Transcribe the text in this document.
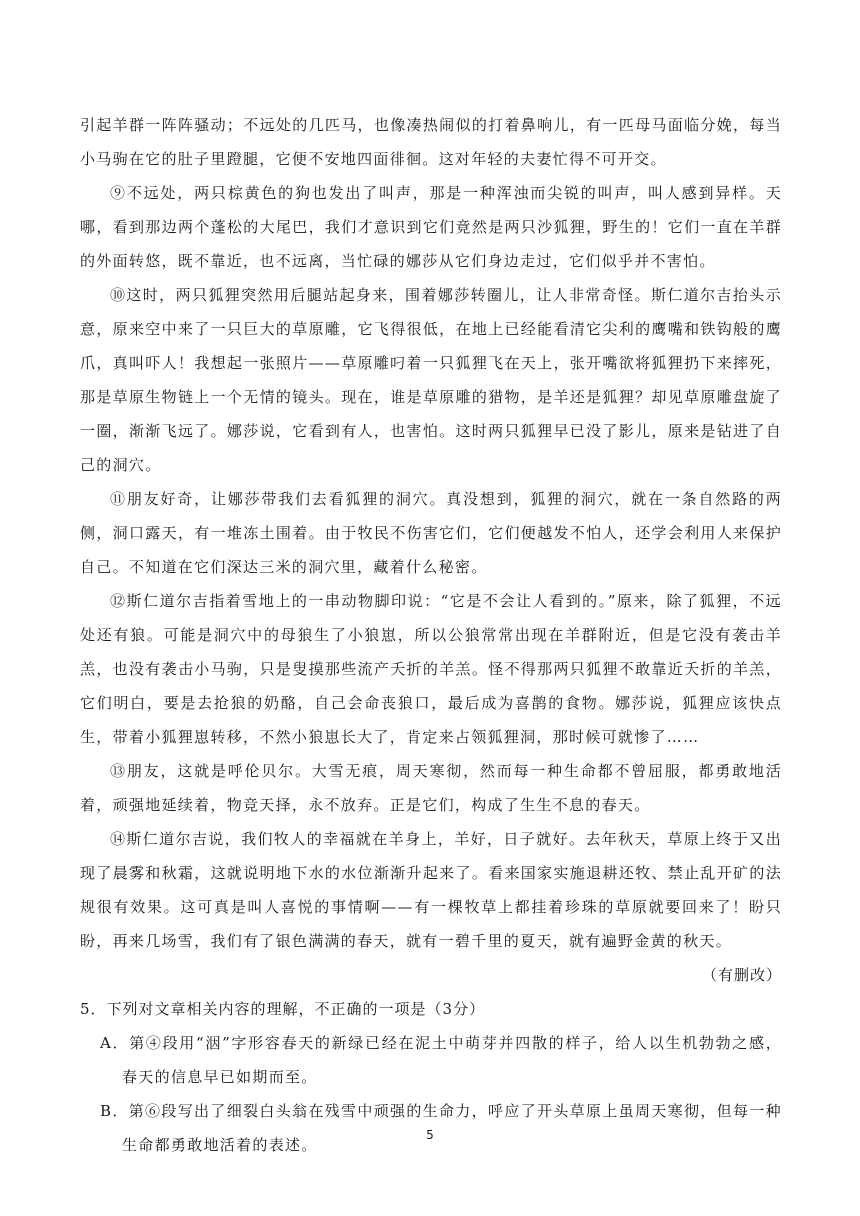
引起羊群一阵阵骚动；不远处的几匹马，也像凑热闹似的打着鼻响儿，有一匹母马面临分娩，每当小马驹在它的肚子里蹬腿，它便不安地四面徘徊。这对年轻的夫妻忙得不可开交。

⑨不远处，两只棕黄色的狗也发出了叫声，那是一种浑浊而尖锐的叫声，叫人感到异样。天哪，看到那边两个蓬松的大尾巴，我们才意识到它们竟然是两只沙狐狸，野生的！它们一直在羊群的外面转悠，既不靠近，也不远离，当忙碌的娜莎从它们身边走过，它们似乎并不害怕。

⑩这时，两只狐狸突然用后腿站起身来，围着娜莎转圈儿，让人非常奇怪。斯仁道尔吉抬头示意，原来空中来了一只巨大的草原雕，它飞得很低，在地上已经能看清它尖利的鹰嘴和铁钩般的鹰爪，真叫吓人！我想起一张照片——草原雕叼着一只狐狸飞在天上，张开嘴欲将狐狸扔下来摔死，那是草原生物链上一个无情的镜头。现在，谁是草原雕的猎物，是羊还是狐狸？却见草原雕盘旋了一圈，渐渐飞远了。娜莎说，它看到有人，也害怕。这时两只狐狸早已没了影儿，原来是钻进了自己的洞穴。

⑪朋友好奇，让娜莎带我们去看狐狸的洞穴。真没想到，狐狸的洞穴，就在一条自然路的两侧，洞口露天，有一堆冻土围着。由于牧民不伤害它们，它们便越发不怕人，还学会利用人来保护自己。不知道在它们深达三米的洞穴里，藏着什么秘密。

⑫斯仁道尔吉指着雪地上的一串动物脚印说：“它是不会让人看到的。”原来，除了狐狸，不远处还有狼。可能是洞穴中的母狼生了小狼崽，所以公狼常常出现在羊群附近，但是它没有袭击羊羔，也没有袭击小马驹，只是叟摸那些流产夭折的羊羔。怪不得那两只狐狸不敢靠近夭折的羊羔，它们明白，要是去抢狼的奶酪，自己会命丧狼口，最后成为喜鹊的食物。娜莎说，狐狸应该快点生，带着小狐狸崽转移，不然小狼崽长大了，肯定来占领狐狸洞，那时候可就惨了……

⑬朋友，这就是呼伦贝尔。大雪无痕，周天寒彻，然而每一种生命都不曾屈服，都勇敢地活着，顽强地延续着，物竞天择，永不放弃。正是它们，构成了生生不息的春天。

⑭斯仁道尔吉说，我们牧人的幸福就在羊身上，羊好，日子就好。去年秋天，草原上终于又出现了晨雾和秋霜，这就说明地下水的水位渐渐升起来了。看来国家实施退耕还牧、禁止乱开矿的法规很有效果。这可真是叫人喜悦的事情啊——有一棵牧草上都挂着珍珠的草原就要回来了！盼只盼，再来几场雪，我们有了银色满满的春天，就有一碧千里的夏天，就有遍野金黄的秋天。

（有删改）

5．下列对文章相关内容的理解，不正确的一项是（3分）

A．第④段用“洇”字形容春天的新绿已经在泥土中萌芽并四散的样子，给人以生机勃勃之感，春天的信息早已如期而至。

B．第⑥段写出了细裂白头翁在残雪中顽强的生命力，呼应了开头草原上虽周天寒彻，但每一种生命都勇敢地活着的表述。

5
